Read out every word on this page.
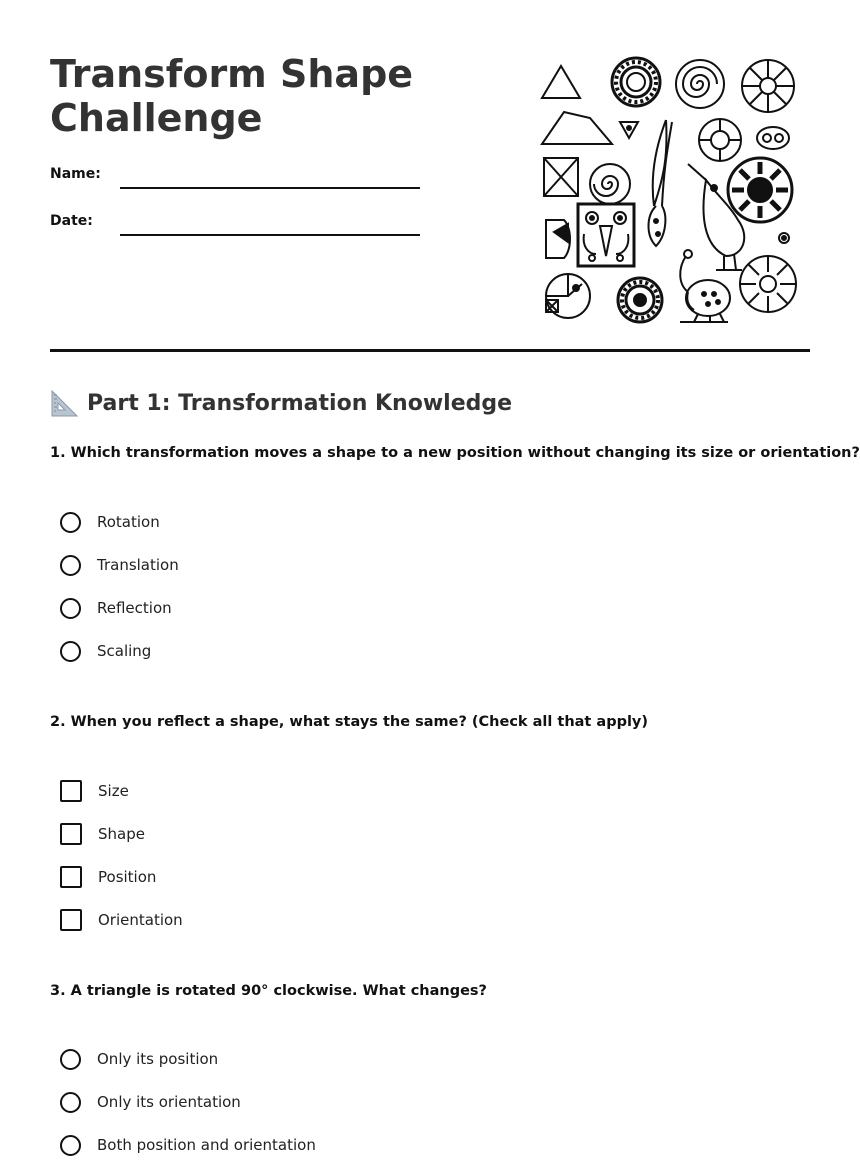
Transform Shape
Challenge
Name:
Date:
Part 1: Transformation Knowledge

1. Which transformation moves a shape to a new position without changing its size or orientation?

Rotation
Translation
Reflection
Scaling

2. When you reflect a shape, what stays the same? (Check all that apply)

Size
Shape
Position
Orientation

3. A triangle is rotated 90° clockwise. What changes?

Only its position
Only its orientation
Both position and orientation
